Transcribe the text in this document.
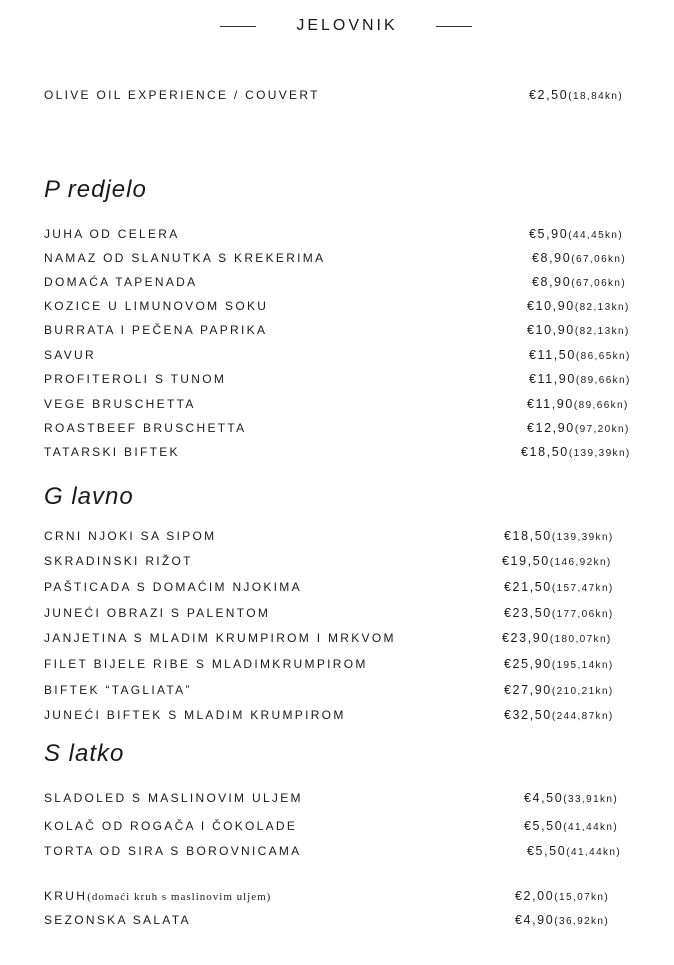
JELOVNIK
OLIVE OIL EXPERIENCE / COUVERT	€2,50(18,84kn)
P redjelo
JUHA OD CELERA	€5,90(44,45kn)
NAMAZ OD SLANUTKA S KREKERIMA	€8,90(67,06kn)
DOMAĆA TAPENADA	€8,90(67,06kn)
KOZICE U LIMUNOVOM SOKU	€10,90(82,13kn)
BURRATA I PEČENA PAPRIKA	€10,90(82,13kn)
SAVUR	€11,50(86,65kn)
PROFITEROLI S TUNOM	€11,90(89,66kn)
VEGE BRUSCHETTA	€11,90(89,66kn)
ROASTBEEF BRUSCHETTA	€12,90(97,20kn)
TATARSKI BIFTEK	€18,50(139,39kn)
G lavno
CRNI NJOKI SA SIPOM	€18,50(139,39kn)
SKRADINSKI RIŽOT	€19,50(146,92kn)
PAŠTICADA S DOMAĆIM NJOKIMA	€21,50(157,47kn)
JUNEĆI OBRAZI S PALENTOM	€23,50(177,06kn)
JANJETINA S MLADIM KRUMPIROM I MRKVOM	€23,90(180,07kn)
FILET BIJELE RIBE S MLADIMKRUMPIROM	€25,90(195,14kn)
BIFTEK “TAGLIATA”	€27,90(210,21kn)
JUNEĆI BIFTEK S MLADIM KRUMPIROM	€32,50(244,87kn)
S latko
SLADOLED S MASLINOVIM ULJEM	€4,50(33,91kn)
KOLAČ OD ROGAČA I ČOKOLADE	€5,50(41,44kn)
TORTA OD SIRA S BOROVNICAMA	€5,50(41,44kn)
KRUH(domaći kruh s maslinovim uljem)	€2,00(15,07kn)
SEZONSKA SALATA	€4,90(36,92kn)
